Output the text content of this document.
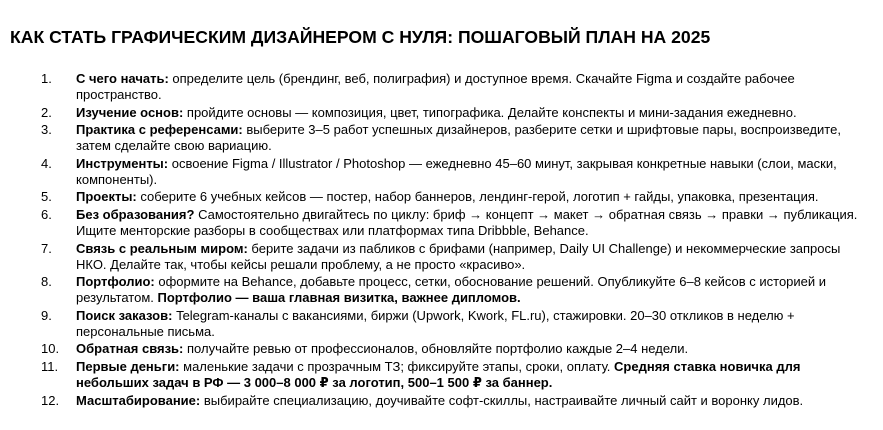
КАК СТАТЬ ГРАФИЧЕСКИМ ДИЗАЙНЕРОМ С НУЛЯ: ПОШАГОВЫЙ ПЛАН НА 2025
1.	С чего начать: определите цель (брендинг, веб, полиграфия) и доступное время. Скачайте Figma и создайте рабочее пространство.
2.	Изучение основ: пройдите основы — композиция, цвет, типографика. Делайте конспекты и мини-задания ежедневно.
3.	Практика с референсами: выберите 3–5 работ успешных дизайнеров, разберите сетки и шрифтовые пары, воспроизведите, затем сделайте свою вариацию.
4.	Инструменты: освоение Figma / Illustrator / Photoshop — ежедневно 45–60 минут, закрывая конкретные навыки (слои, маски, компоненты).
5.	Проекты: соберите 6 учебных кейсов — постер, набор баннеров, лендинг-герой, логотип + гайды, упаковка, презентация.
6.	Без образования? Самостоятельно двигайтесь по циклу: бриф → концепт → макет → обратная связь → правки → публикация. Ищите менторские разборы в сообществах или платформах типа Dribbble, Behance.
7.	Связь с реальным миром: берите задачи из пабликов с брифами (например, Daily UI Challenge) и некоммерческие запросы НКО. Делайте так, чтобы кейсы решали проблему, а не просто «красиво».
8.	Портфолио: оформите на Behance, добавьте процесс, сетки, обоснование решений. Опубликуйте 6–8 кейсов с историей и результатом. Портфолио — ваша главная визитка, важнее дипломов.
9.	Поиск заказов: Telegram-каналы с вакансиями, биржи (Upwork, Kwork, FL.ru), стажировки. 20–30 откликов в неделю + персональные письма.
10.	Обратная связь: получайте ревью от профессионалов, обновляйте портфолио каждые 2–4 недели.
11.	Первые деньги: маленькие задачи с прозрачным ТЗ; фиксируйте этапы, сроки, оплату. Средняя ставка новичка для небольших задач в РФ — 3 000–8 000 ₽ за логотип, 500–1 500 ₽ за баннер.
12.	Масштабирование: выбирайте специализацию, доучивайте софт-скиллы, настраивайте личный сайт и воронку лидов.
